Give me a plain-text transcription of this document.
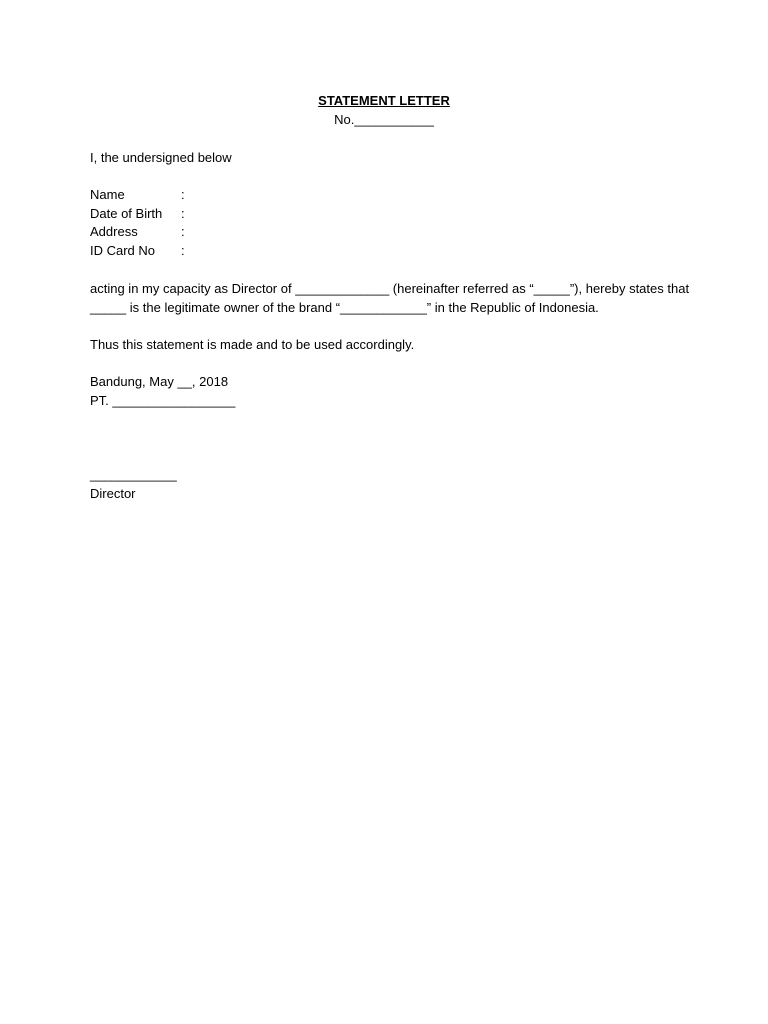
STATEMENT LETTER

No.___________

I, the undersigned below

Name	:
Date of Birth	:
Address	:
ID Card No	:

acting in my capacity as Director of _____________ (hereinafter referred as “_____”), hereby states that

_____ is the legitimate owner of the brand “____________” in the Republic of Indonesia.

Thus this statement is made and to be used accordingly.

Bandung, May __, 2018

PT. _________________

____________

Director
